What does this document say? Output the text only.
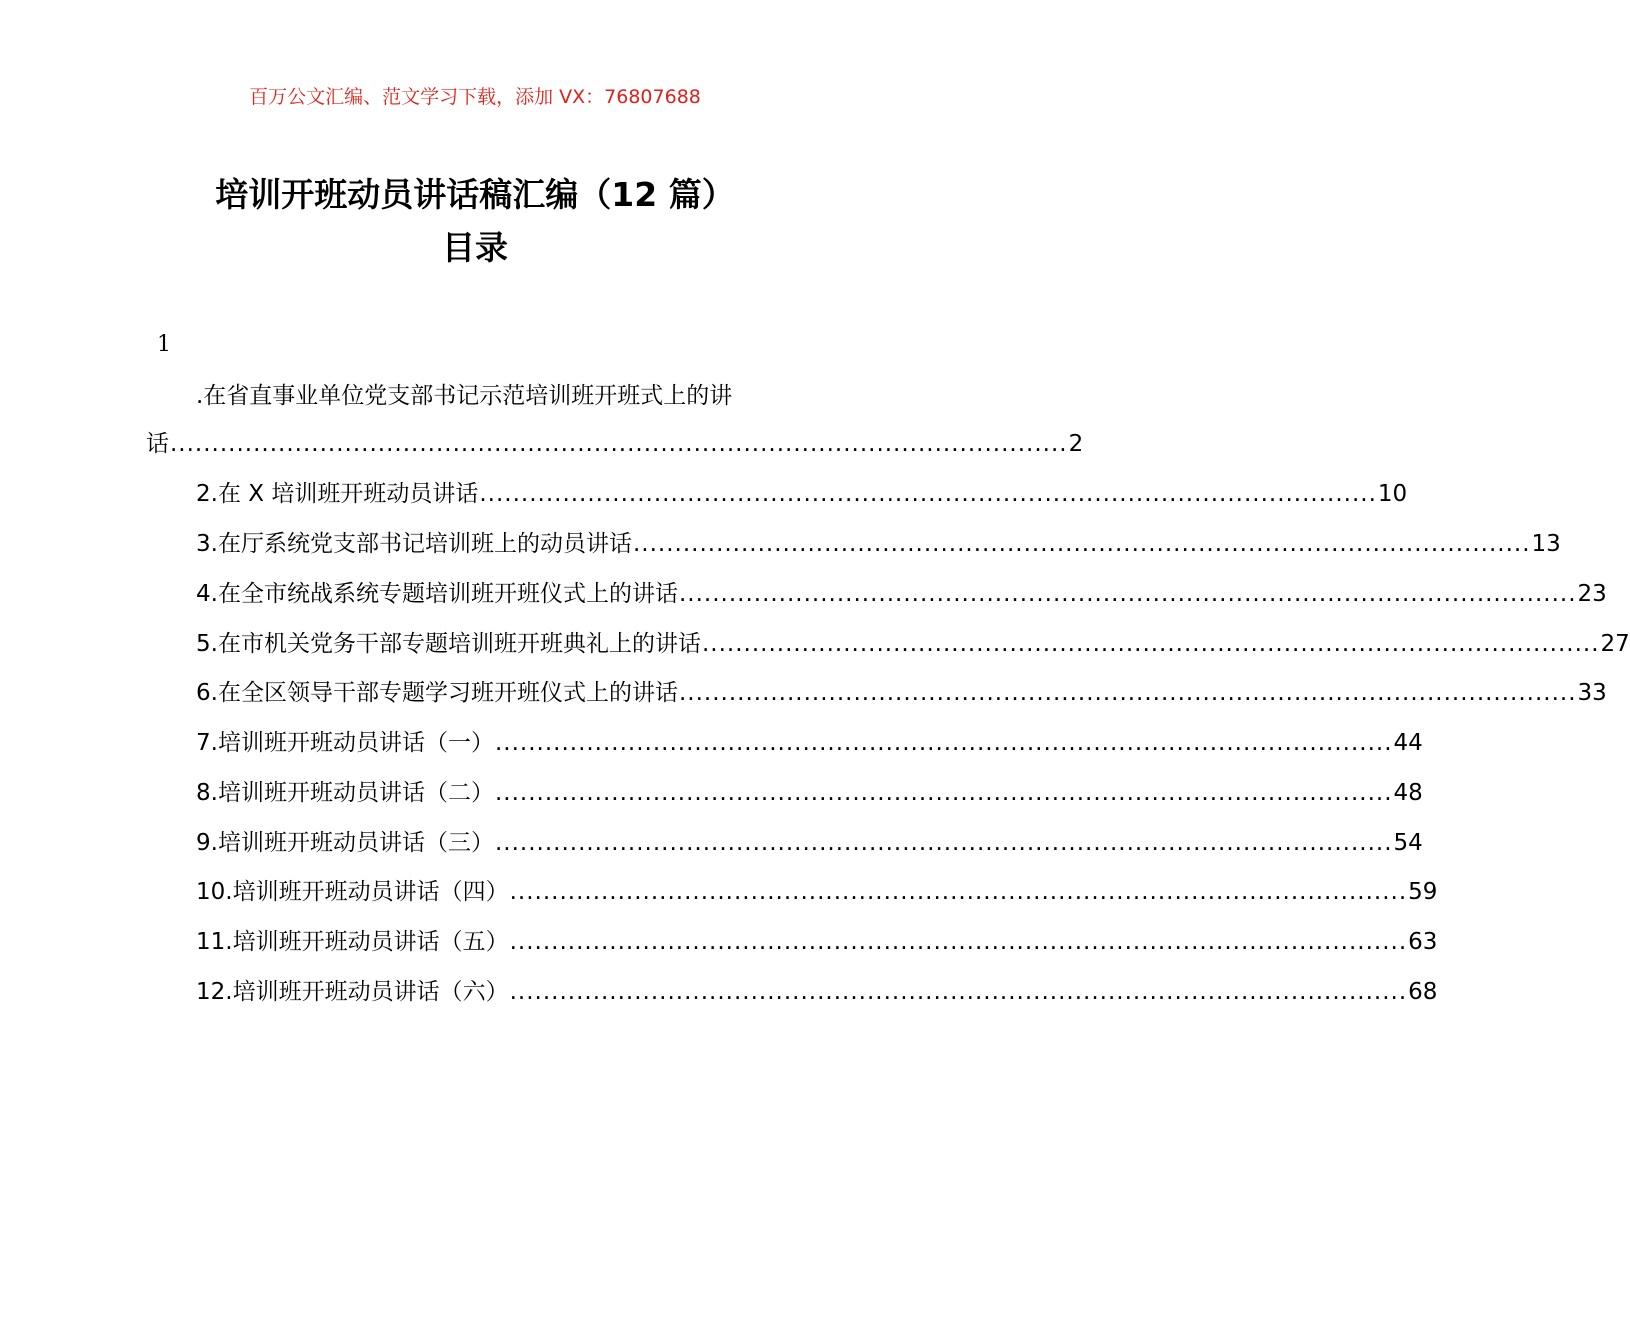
百万公文汇编、范文学习下载，添加 VX：76807688
培训开班动员讲话稿汇编（12 篇）
目录
1
.在省直事业单位党支部书记示范培训班开班式上的讲
话 ............................................................................................................ 2
2.在 X 培训班开班动员讲话 ............................................................................................................ 10
3.在厅系统党支部书记培训班上的动员讲话 ............................................................................................................ 13
4.在全市统战系统专题培训班开班仪式上的讲话 ............................................................................................................ 23
5.在市机关党务干部专题培训班开班典礼上的讲话 ............................................................................................................ 27
6.在全区领导干部专题学习班开班仪式上的讲话 ............................................................................................................ 33
7.培训班开班动员讲话（一） ............................................................................................................ 44
8.培训班开班动员讲话（二） ............................................................................................................ 48
9.培训班开班动员讲话（三） ............................................................................................................ 54
10.培训班开班动员讲话（四） ............................................................................................................ 59
11.培训班开班动员讲话（五） ............................................................................................................ 63
12.培训班开班动员讲话（六） ............................................................................................................ 68
